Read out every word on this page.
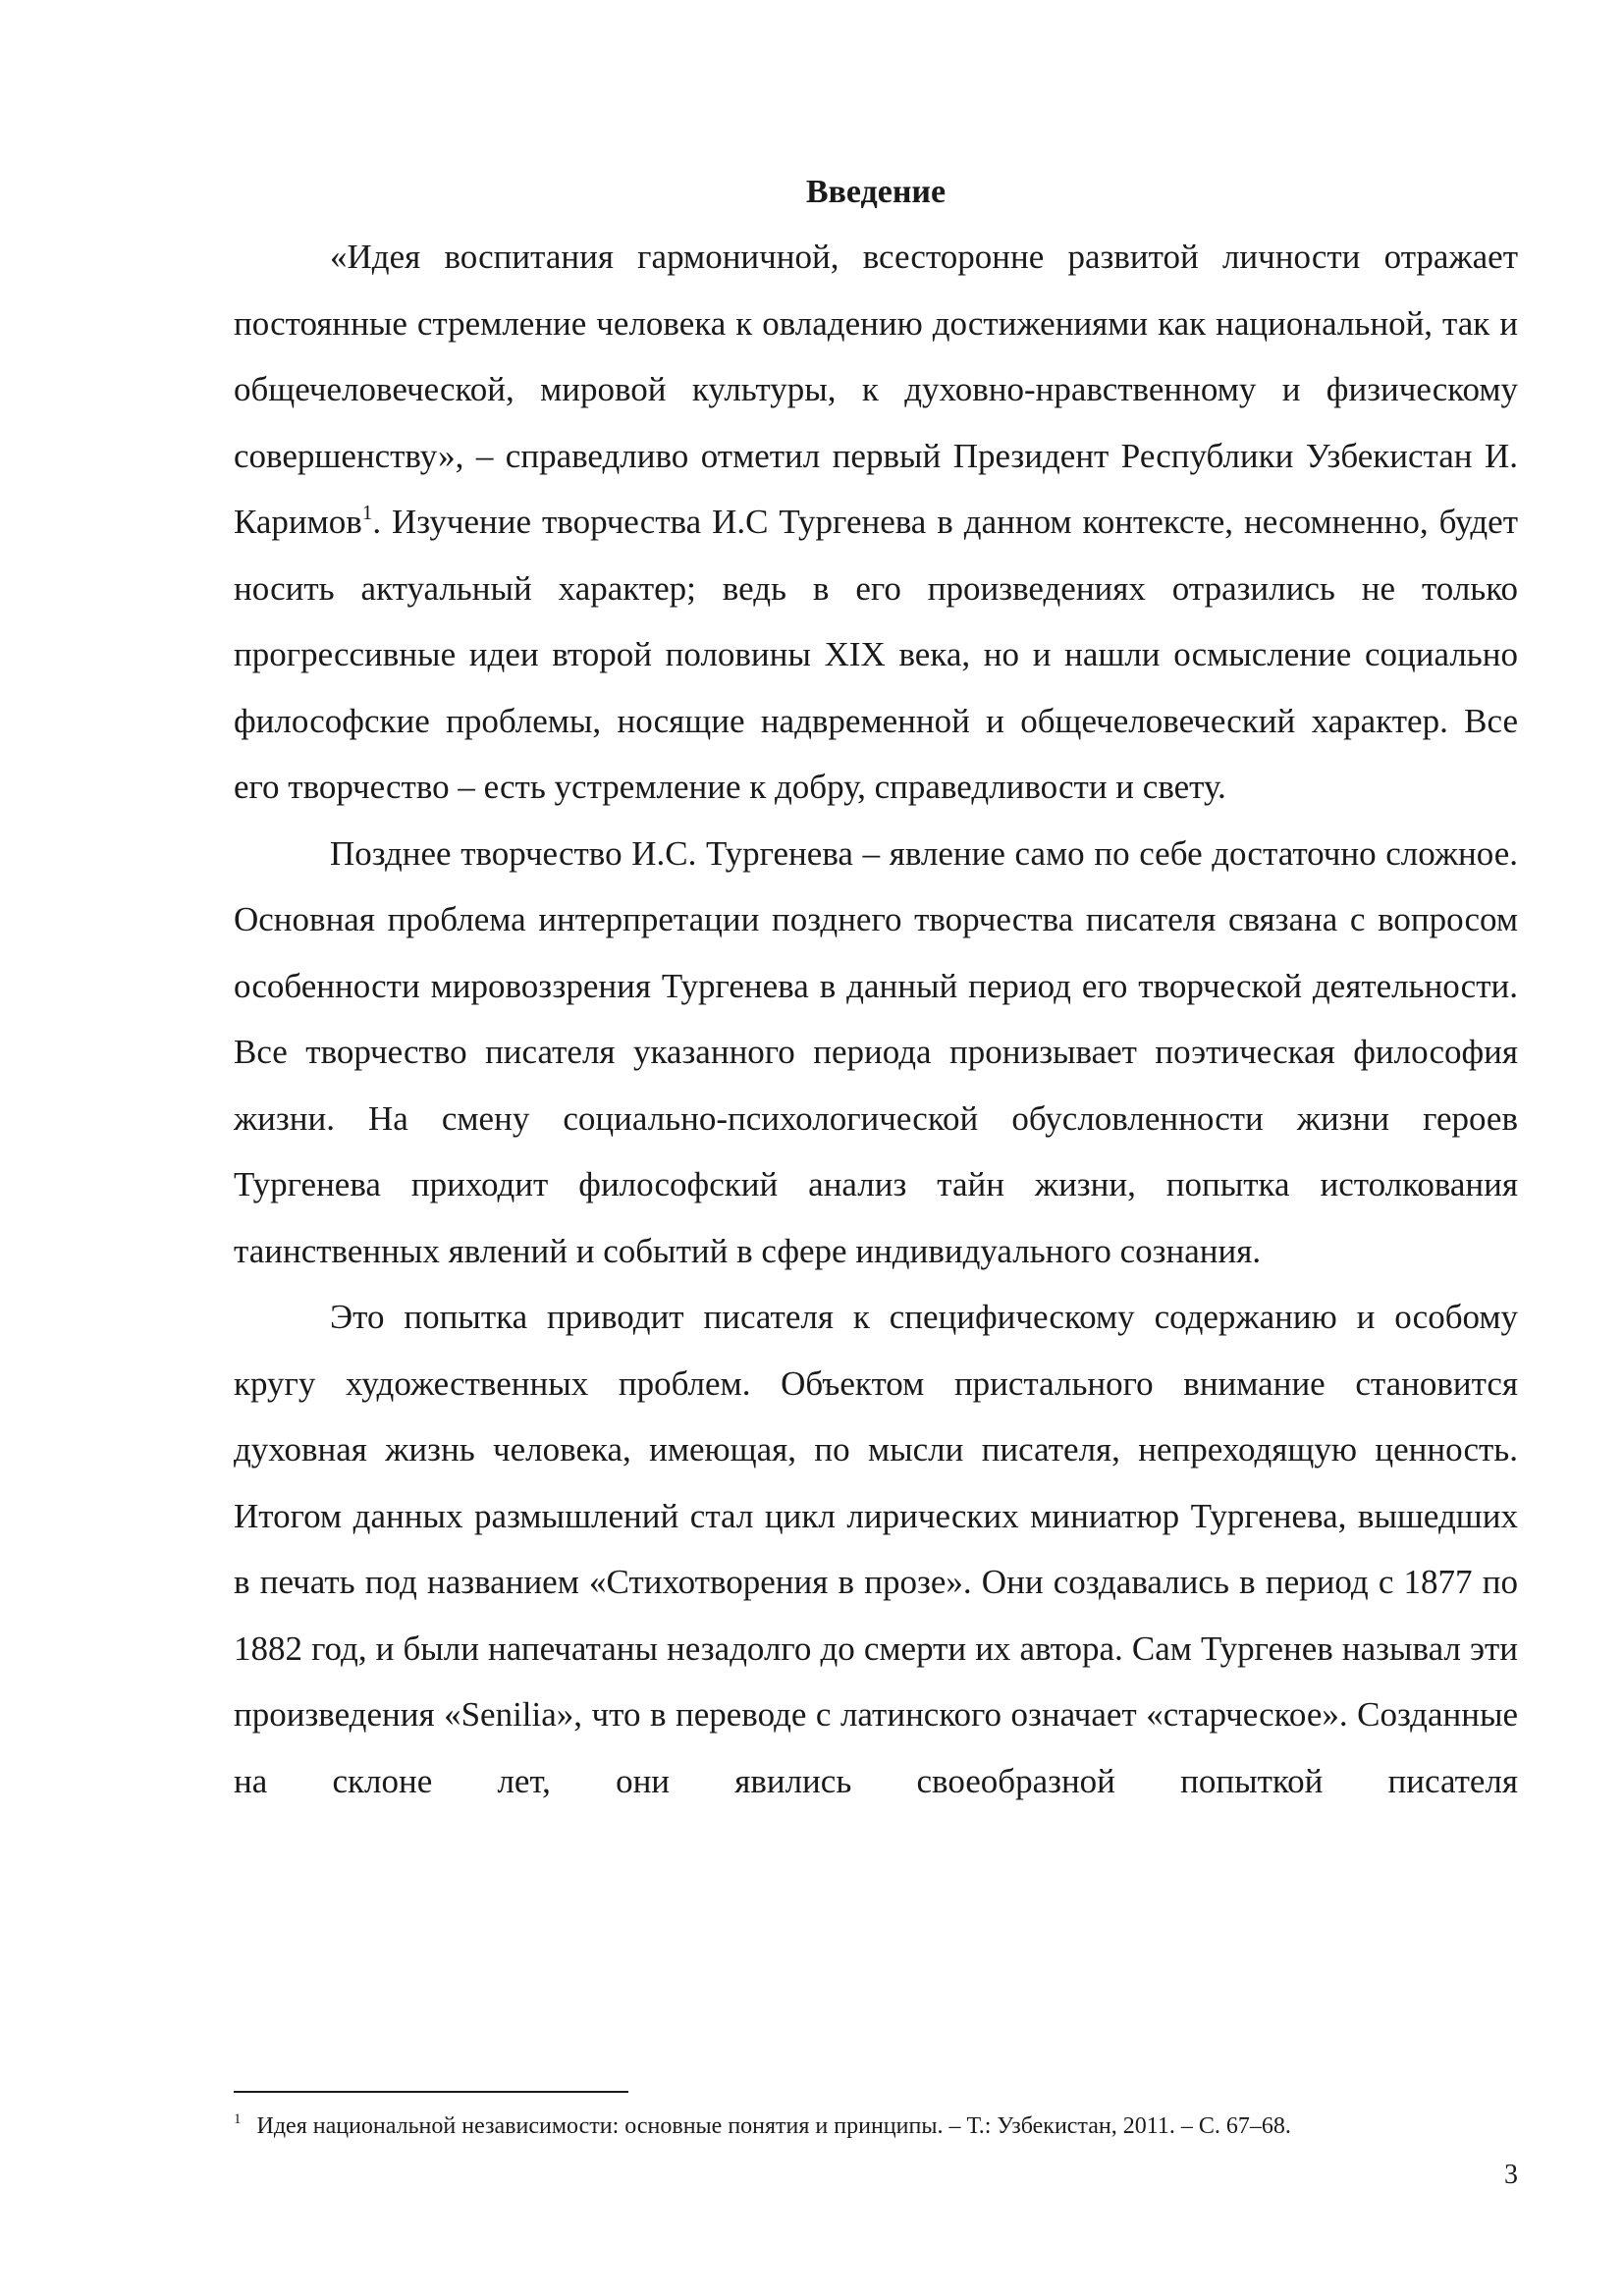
Введение

«Идея воспитания гармоничной, всесторонне развитой личности отражает постоянные стремление человека к овладению достижениями как национальной, так и общечеловеческой, мировой культуры, к духовно-нравственному и физическому совершенству», – справедливо отметил первый Президент Республики Узбекистан И. Каримов$^1$. Изучение творчества И.С Тургенева в данном контексте, несомненно, будет носить актуальный характер; ведь в его произведениях отразились не только прогрессивные идеи второй половины XIX века, но и нашли осмысление социально философские проблемы, носящие надвременной и общечеловеческий характер. Все его творчество – есть устремление к добру, справедливости и свету.

Позднее творчество И.С. Тургенева – явление само по себе достаточно сложное. Основная проблема интерпретации позднего творчества писателя связана с вопросом особенности мировоззрения Тургенева в данный период его творческой деятельности. Все творчество писателя указанного периода пронизывает поэтическая философия жизни. На смену социально-психологической обусловленности жизни героев Тургенева приходит философский анализ тайн жизни, попытка истолкования таинственных явлений и событий в сфере индивидуального сознания.

Это попытка приводит писателя к специфическому содержанию и особому кругу художественных проблем. Объектом пристального внимание становится духовная жизнь человека, имеющая, по мысли писателя, непреходящую ценность. Итогом данных размышлений стал цикл лирических миниатюр Тургенева, вышедших в печать под названием «Стихотворения в прозе». Они создавались в период с 1877 по 1882 год, и были напечатаны незадолго до смерти их автора. Сам Тургенев называл эти произведения «Senilia», что в переводе с латинского означает «старческое». Созданные на склоне лет, они явились своеобразной попыткой писателя

$^1$ Идея национальной независимости: основные понятия и принципы. – Т.: Узбекистан, 2011. – С. 67–68.

3
